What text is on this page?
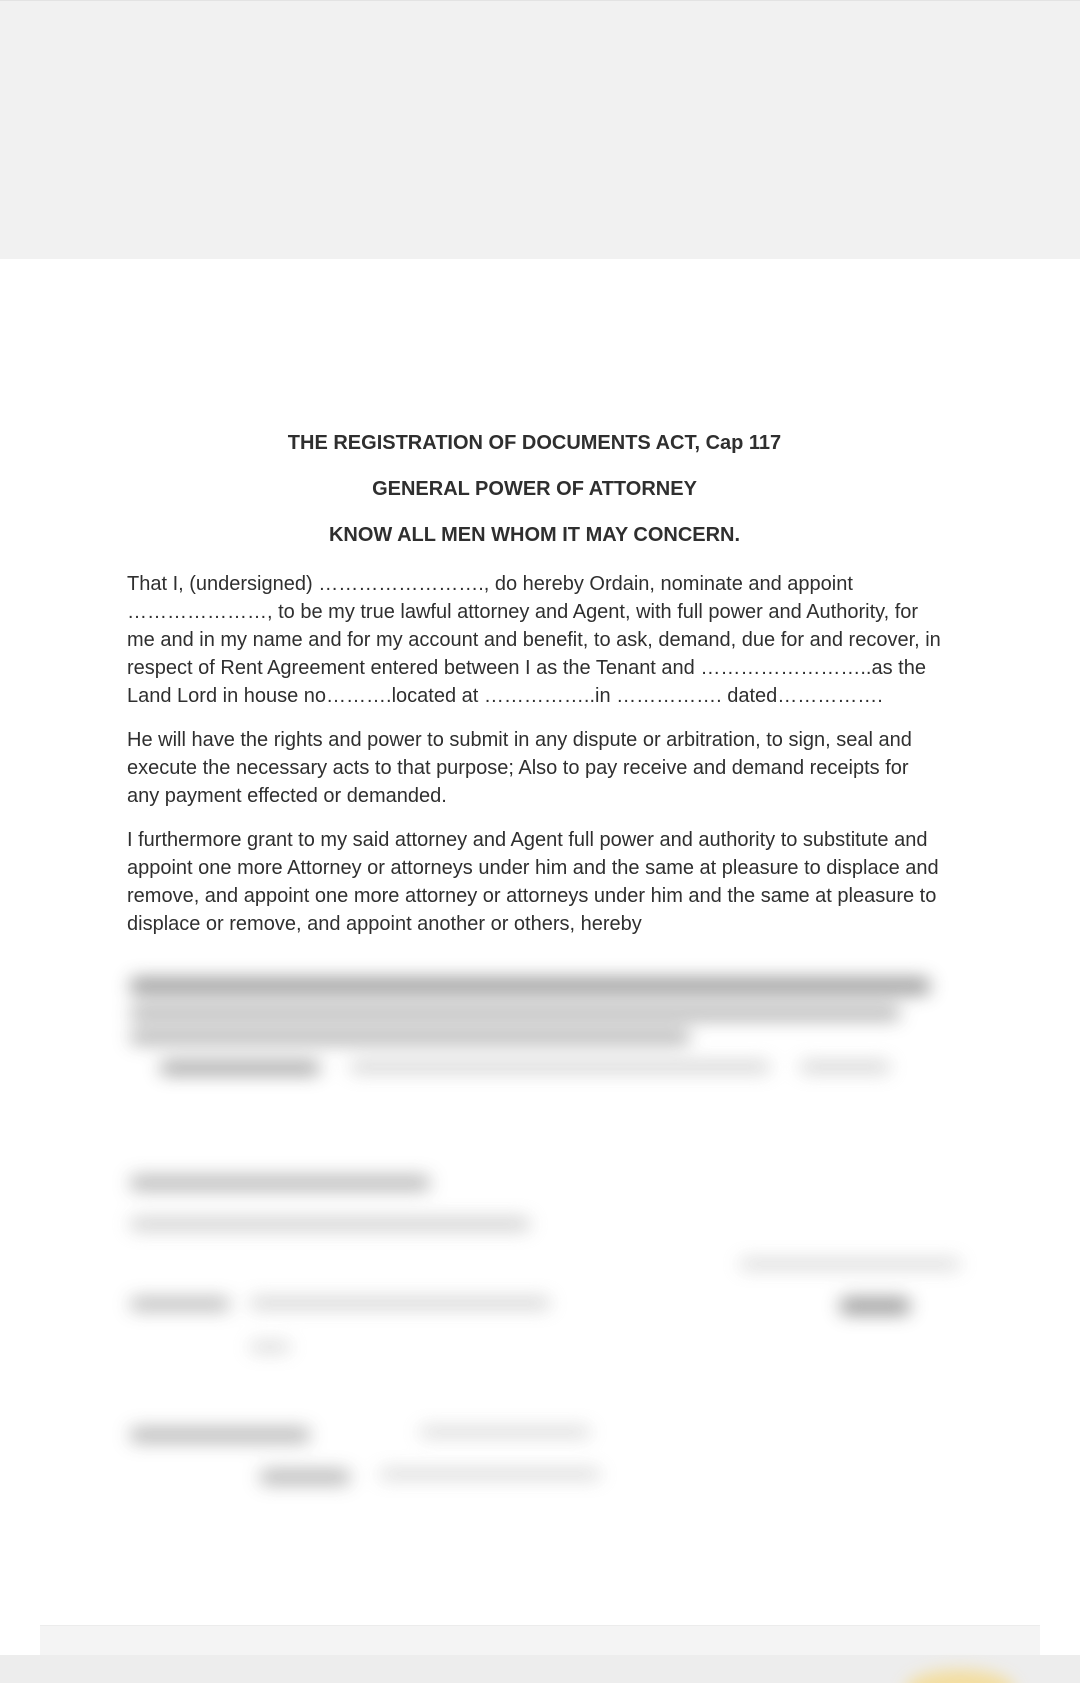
THE REGISTRATION OF DOCUMENTS ACT, Cap 117

GENERAL POWER OF ATTORNEY

KNOW ALL MEN WHOM IT MAY CONCERN.

That I, (undersigned) ……………………., do hereby Ordain, nominate and appoint …………………, to be my true lawful attorney and Agent, with full power and Authority, for me and in my name and for my account and benefit, to ask, demand, due for and recover, in respect of Rent Agreement entered between I as the Tenant and ……………………..as the Land Lord in house no……….located at ……………..in ……………. dated…………….

He will have the rights and power to submit in any dispute or arbitration, to sign, seal and execute the necessary acts to that purpose; Also to pay receive and demand receipts for any payment effected or demanded.

I furthermore grant to my said attorney and Agent full power and authority to substitute and appoint one more Attorney or attorneys under him and the same at pleasure to displace and remove, and appoint one more attorney or attorneys under him and the same at pleasure to displace or remove, and appoint another or others, hereby
